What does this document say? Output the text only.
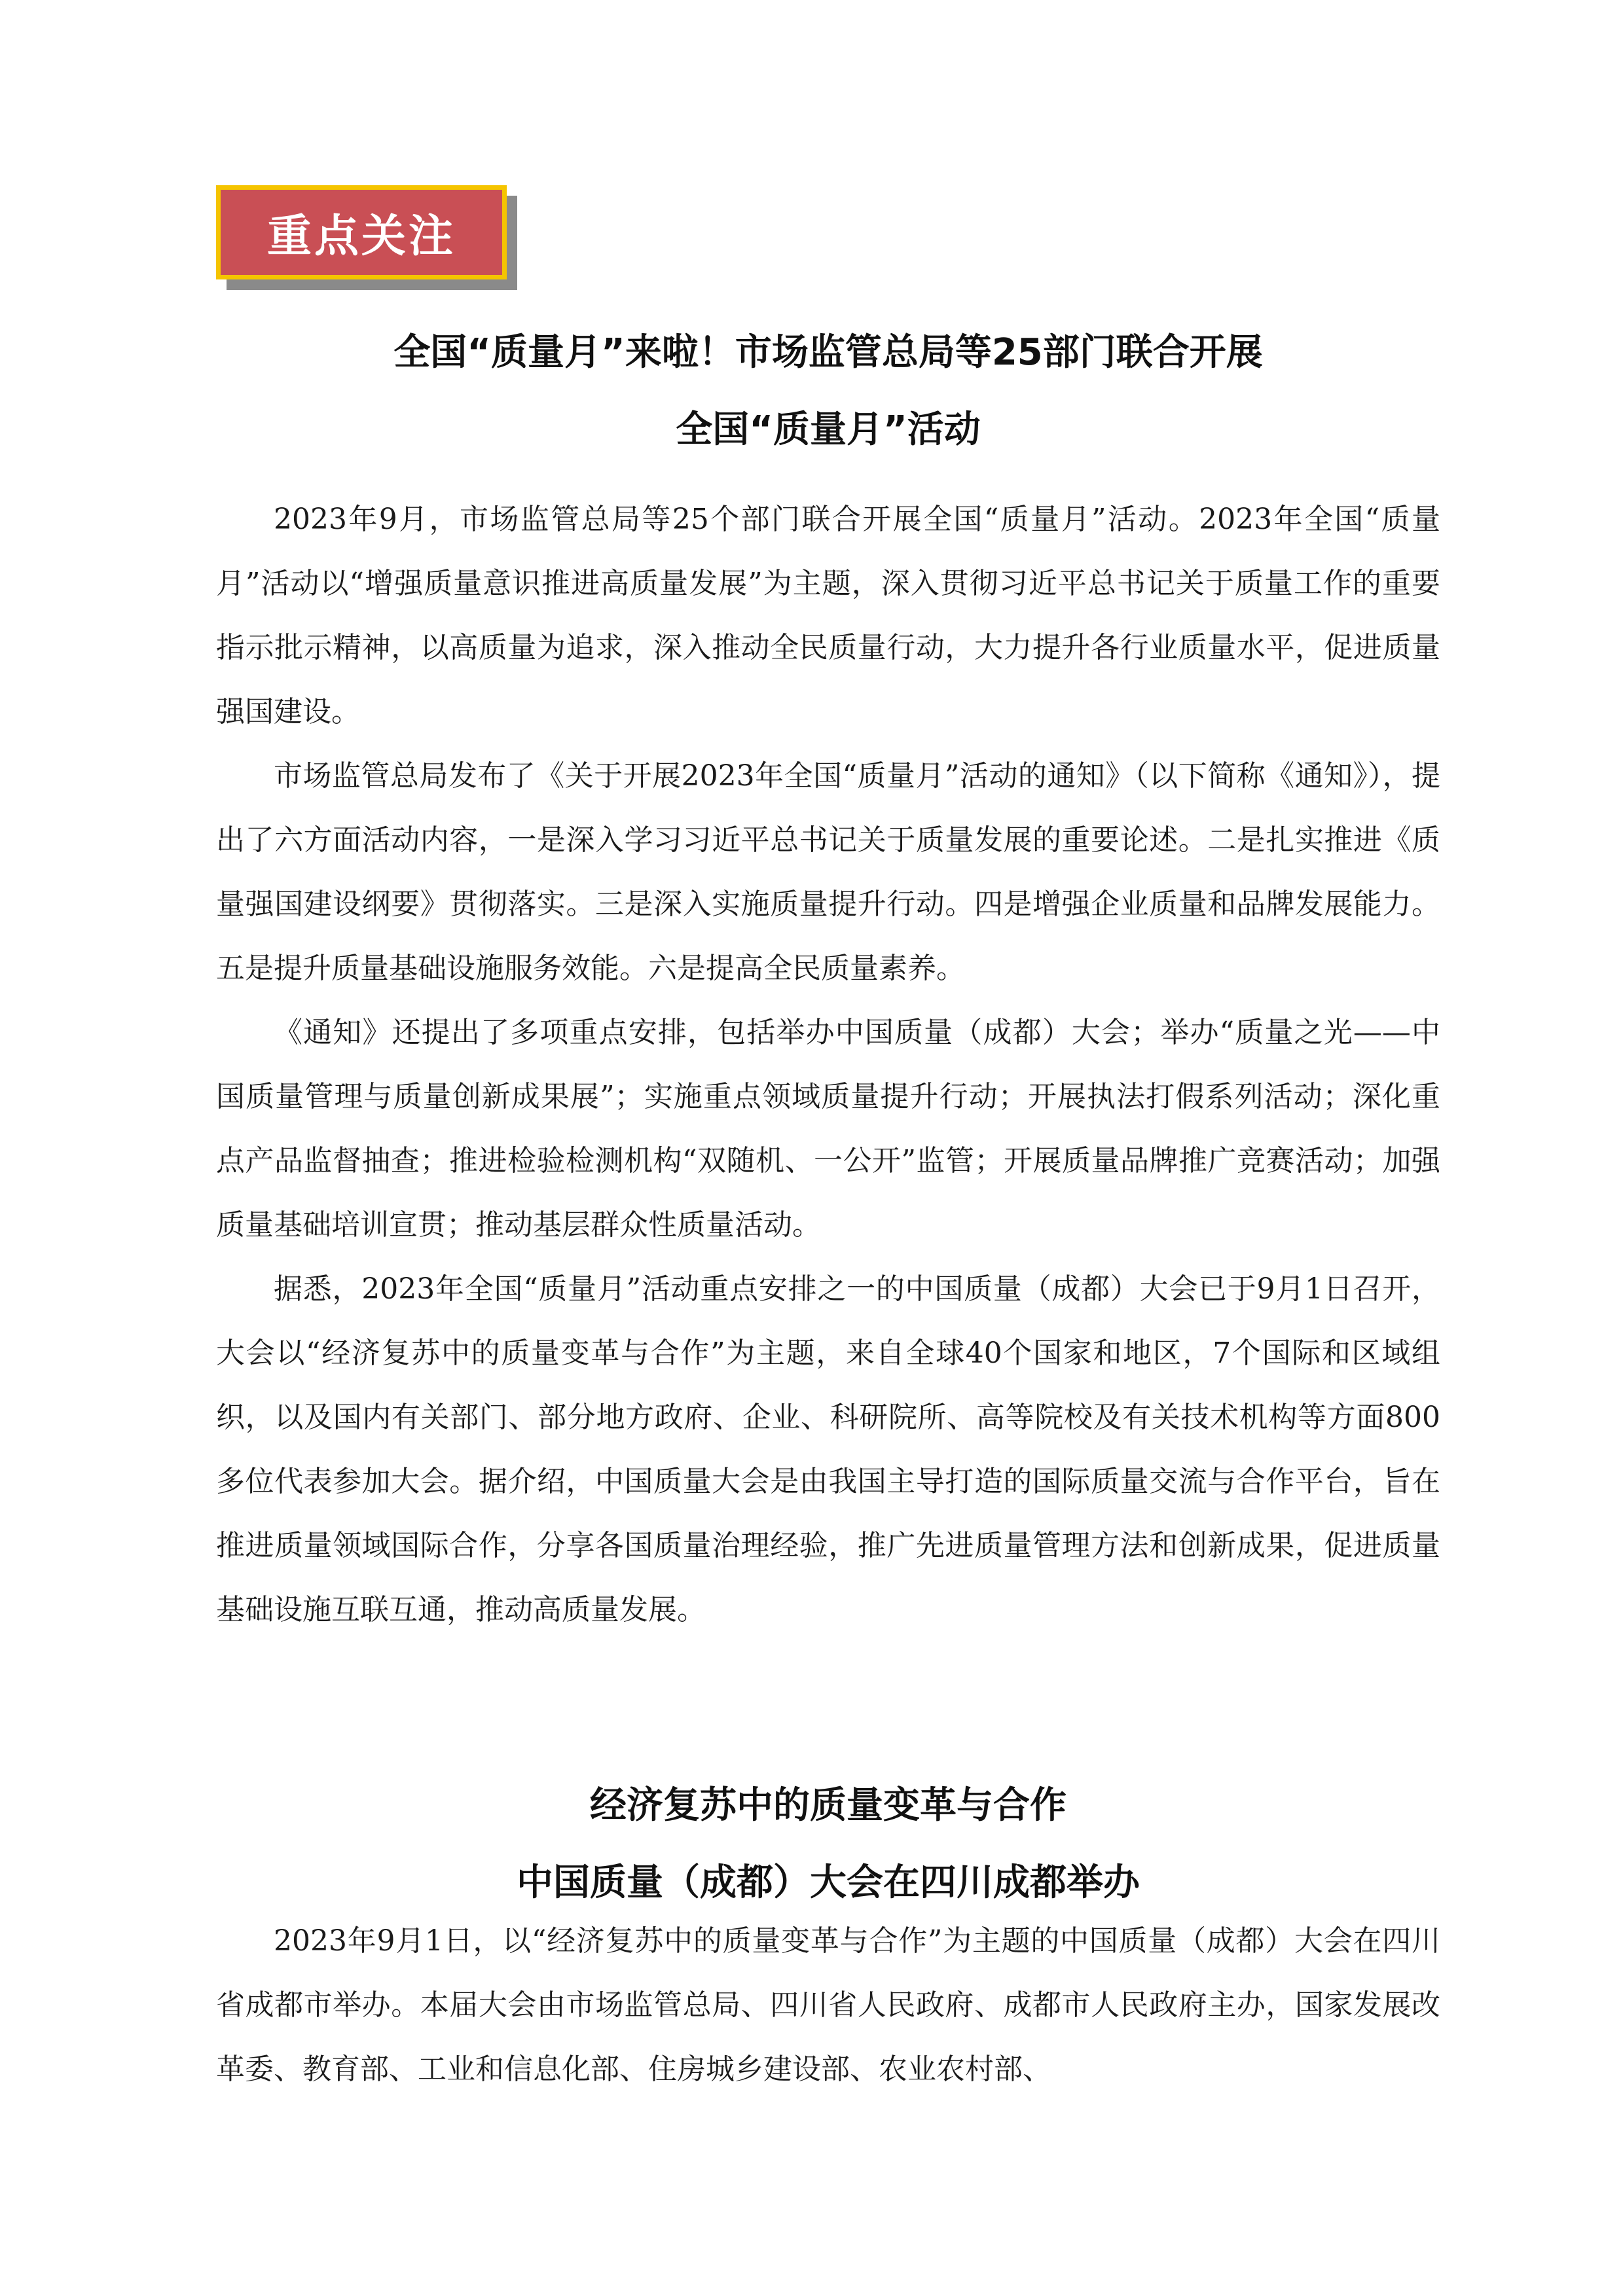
重点关注
全国“质量月”来啦！市场监管总局等25部门联合开展
全国“质量月”活动

2023年9月，市场监管总局等25个部门联合开展全国“质量月”活动。2023年全国“质量月”活动以“增强质量意识推进高质量发展”为主题，深入贯彻习近平总书记关于质量工作的重要指示批示精神，以高质量为追求，深入推动全民质量行动，大力提升各行业质量水平，促进质量强国建设。

市场监管总局发布了《关于开展2023年全国“质量月”活动的通知》（以下简称《通知》），提出了六方面活动内容，一是深入学习习近平总书记关于质量发展的重要论述。二是扎实推进《质量强国建设纲要》贯彻落实。三是深入实施质量提升行动。四是增强企业质量和品牌发展能力。五是提升质量基础设施服务效能。六是提高全民质量素养。

《通知》还提出了多项重点安排，包括举办中国质量（成都）大会；举办“质量之光——中国质量管理与质量创新成果展”；实施重点领域质量提升行动；开展执法打假系列活动；深化重点产品监督抽查；推进检验检测机构“双随机、一公开”监管；开展质量品牌推广竞赛活动；加强质量基础培训宣贯；推动基层群众性质量活动。

据悉，2023年全国“质量月”活动重点安排之一的中国质量（成都）大会已于9月1日召开，大会以“经济复苏中的质量变革与合作”为主题，来自全球40个国家和地区，7个国际和区域组织，以及国内有关部门、部分地方政府、企业、科研院所、高等院校及有关技术机构等方面800多位代表参加大会。据介绍，中国质量大会是由我国主导打造的国际质量交流与合作平台，旨在推进质量领域国际合作，分享各国质量治理经验，推广先进质量管理方法和创新成果，促进质量基础设施互联互通，推动高质量发展。

经济复苏中的质量变革与合作
中国质量（成都）大会在四川成都举办

2023年9月1日，以“经济复苏中的质量变革与合作”为主题的中国质量（成都）大会在四川省成都市举办。本届大会由市场监管总局、四川省人民政府、成都市人民政府主办，国家发展改革委、教育部、工业和信息化部、住房城乡建设部、农业农村部、
